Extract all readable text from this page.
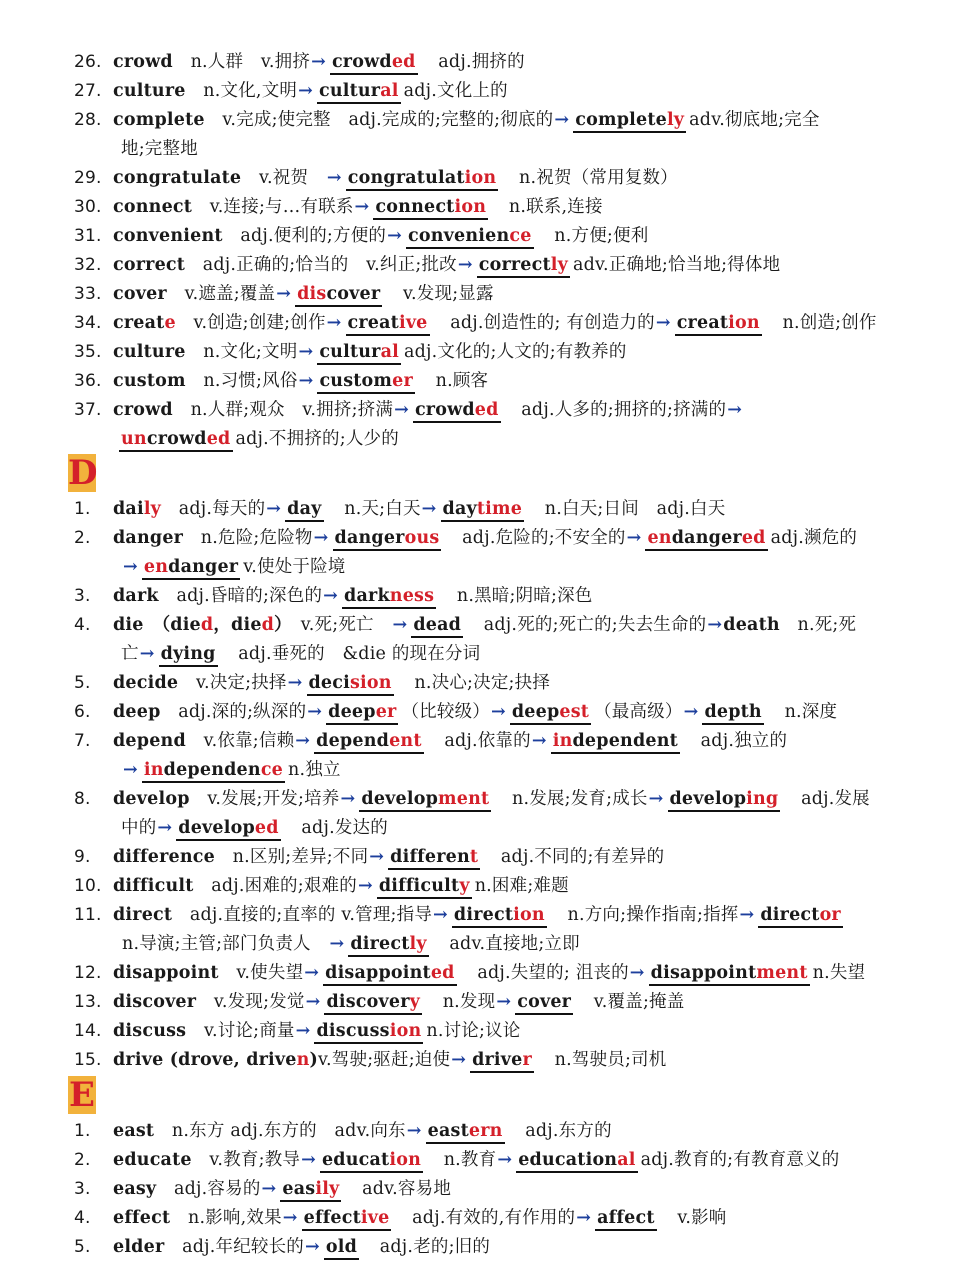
26. crowd　 n.人群　v.拥挤→ crowded　 adj.拥挤的
27. culture　 n.文化,文明→ cultural adj.文化上的
28. complete　 v.完成;使完整　adj.完成的;完整的;彻底的→ completely adv.彻底地;完全
地;完整地
29. congratulate　 v.祝贺　 → congratulation　 n.祝贺（常用复数）
30. connect　 v.连接;与…有联系→ connection　 n.联系,连接
31. convenient　 adj.便利的;方便的→ convenience　 n.方便;便利
32. correct　 adj.正确的;恰当的　v.纠正;批改→ correctly adv.正确地;恰当地;得体地
33. cover　 v.遮盖;覆盖→ discover　 v.发现;显露
34. create　 v.创造;创建;创作→ creative　 adj.创造性的; 有创造力的→ creation　 n.创造;创作
35. culture　 n.文化;文明→ cultural adj.文化的;人文的;有教养的
36. custom　 n.习惯;风俗→ customer　 n.顾客
37. crowd　 n.人群;观众　v.拥挤;挤满→ crowded　 adj.人多的;拥挤的;挤满的→
uncrowded adj.不拥挤的;人少的
D
1. daily　 adj.每天的→ day　 n.天;白天→ daytime　 n.白天;日间　adj.白天
2. danger　 n.危险;危险物→ dangerous　 adj.危险的;不安全的→ endangered adj.濒危的
→ endanger v.使处于险境
3. dark　 adj.昏暗的;深色的→ darkness　 n.黑暗;阴暗;深色
4. die　 （died，died）　 v.死;死亡　 → dead　 adj.死的;死亡的;失去生命的→death　 n.死;死
亡→ dying　 adj.垂死的　&die 的现在分词
5. decide　 v.决定;抉择→ decision　 n.决心;决定;抉择
6. deep　 adj.深的;纵深的→ deeper （比较级）→ deepest （最高级）→ depth　 n.深度
7. depend　 v.依靠;信赖→ dependent　 adj.依靠的→ independent　 adj.独立的
→ independence n.独立
8. develop　 v.发展;开发;培养→ development　 n.发展;发育;成长→ developing　 adj.发展
中的→ developed　 adj.发达的
9. difference　 n.区别;差异;不同→ different　 adj.不同的;有差异的
10. difficult　 adj.困难的;艰难的→ difficulty n.困难;难题
11. direct　 adj.直接的;直率的 v.管理;指导→ direction　 n.方向;操作指南;指挥→ director
n.导演;主管;部门负责人　 → directly　 adv.直接地;立即
12. disappoint　 v.使失望→ disappointed　 adj.失望的; 沮丧的→ disappointment n.失望
13. discover　 v.发现;发觉→ discovery　 n.发现→ cover　 v.覆盖;掩盖
14. discuss　 v.讨论;商量→ discussion n.讨论;议论
15. drive (drove, driven)v.驾驶;驱赶;迫使→ driver　 n.驾驶员;司机
E
1. east　 n.东方 adj.东方的　adv.向东→ eastern　 adj.东方的
2. educate　 v.教育;教导→ education　 n.教育→ educational adj.教育的;有教育意义的
3. easy　 adj.容易的→ easily　 adv.容易地
4. effect　 n.影响,效果→ effective　 adj.有效的,有作用的→ affect　 v.影响
5. elder　 adj.年纪较长的→ old　 adj.老的;旧的
